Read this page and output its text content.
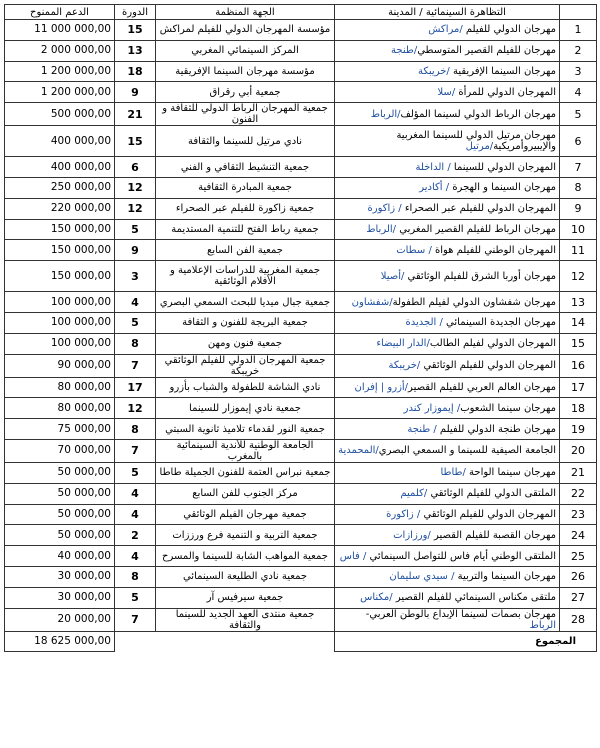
الدعم الممنوح	الدورة	الجهة المنظمة	التظاهرة السينمائية / المدينة	
11 000 000,00	15	مؤسسة المهرجان الدولي للفيلم لمراكش	مهرجان الدولي للفيلم /مراكش	1
2 000 000,00	13	المركز السينمائي المغربي	مهرجان للفيلم القصير المتوسطي/طنجة	2
1 200 000,00	18	مؤسسة مهرجان السينما الإفريقية	مهرجان السينما الإفريقية /خريبكة	3
1 200 000,00	9	جمعية أبي رقراق	المهرجان الدولي للمرأة /سلا	4
500 000,00	21	جمعية المهرجان الرباط الدولي للثقافة و الفنون	مهرجان الرباط الدولي لسينما المؤلف/الرباط	5
400 000,00	15	نادي مرتيل للسينما والثقافة	مهرجان مرتيل الدولي للسينما المغربية والإيبيروأمريكية/مرتيل	6
400 000,00	6	جمعية التنشيط الثقافي و الفني	المهرجان الدولي للسينما / الداخلة	7
250 000,00	12	جمعية المبادرة الثقافية	مهرجان السينما و الهجرة / أكادير	8
220 000,00	12	جمعية زاكورة للفيلم عبر الصحراء	المهرجان الدولي للفيلم عبر الصحراء / زاكورة	9
150 000,00	5	جمعية رباط الفتح للتنمية المستديمة	مهرجان الرباط للفيلم القصير المغربي /الرباط	10
150 000,00	9	جمعية الفن السابع	المهرجان الوطني للفيلم هواة / سطات	11
150 000,00	3	جمعية المغربية للدراسات الإعلامية و الأفلام الوثائقية	مهرجان أوربا الشرق للفيلم الوثائقي /أصيلا	12
100 000,00	4	جمعية جبال ميديا للبحث السمعي البصري	مهرجان شفشاون الدولي لفيلم الطفولة/شفشاون	13
100 000,00	5	جمعية البريجة للفنون و الثقافة	مهرجان الجديدة السينمائي / الجديدة	14
100 000,00	8	جمعية فنون ومهن	المهرجان الدولي لفيلم الطالب/الدار البيضاء	15
90 000,00	7	جمعية المهرجان الدولي للفيلم الوثائقي خريبكة	المهرجان الدولي للفيلم الوثائقي /خريبكة	16
80 000,00	17	نادي الشاشة للطفولة والشباب بأزرو	مهرجان العالم العربي للفيلم القصير/أزرو | إفران	17
80 000,00	12	جمعية نادي إيموزار للسينما	مهرجان سينما الشعوب/ إيموزار كندر	18
75 000,00	8	جمعية النور لقدماء تلاميذ ثانوية السبتي	مهرجان طنجة الدولي للفيلم / طنجة	19
70 000,00	7	الجامعة الوطنية للأندية السينمائية بالمغرب	الجامعة الصيفية للسينما و السمعي البصري/المحمدية	20
50 000,00	5	جمعية نبراس العتمة للفنون الجميلة طاطا	مهرجان سينما الواحة /طاطا	21
50 000,00	4	مركز الجنوب للفن السابع	الملتقى الدولي للفيلم الوثائقي /كلميم	22
50 000,00	4	جمعية مهرجان الفيلم الوثائقي	المهرجان الدولي للفيلم الوثائقي / زاكورة	23
50 000,00	2	جمعية التربية و التنمية فرع ورززات	مهرجان القصبة للفيلم القصير /ورزازات	24
40 000,00	4	جمعية المواهب الشابة للسينما والمسرح	الملتقى الوطني أيام فاس للتواصل السينمائي / فاس	25
30 000,00	8	جمعية نادي الطليعة السينمائي	مهرجان السينما والتربية / سيدي سليمان	26
30 000,00	5	جمعية سيرفيس آر	ملتقى مكناس السينمائي للفيلم القصير /مكناس	27
20 000,00	7	جمعية منتدى العهد الجديد للسينما والثقافة	مهرجان بصمات لسينما الإبداع بالوطن العربي- الرباط	28
18 625 000,00			المجموع	
